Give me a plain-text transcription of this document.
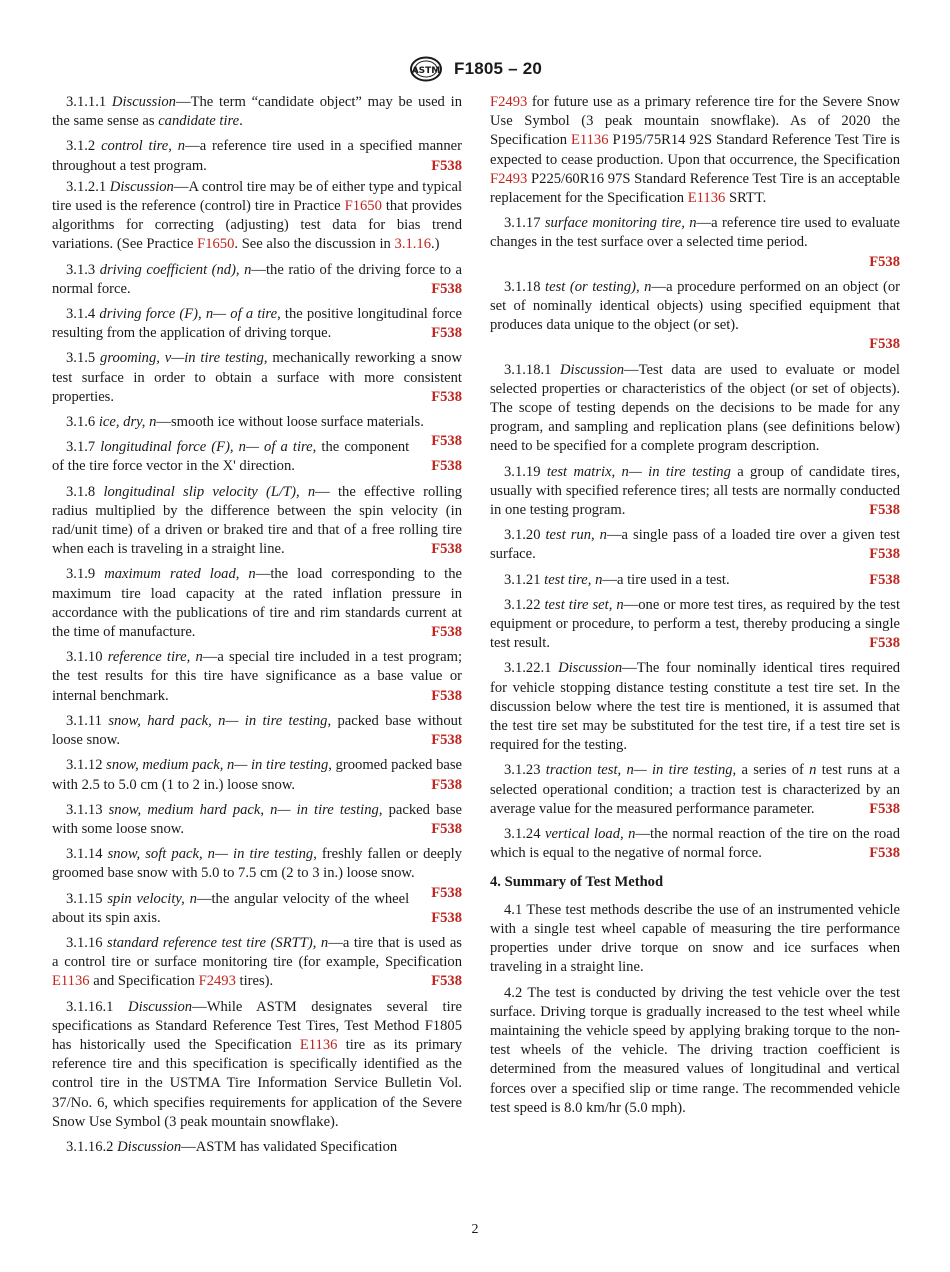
ASTM F1805 – 20

3.1.1.1 Discussion—The term “candidate object” may be used in the same sense as candidate tire.

3.1.2 control tire, n—a reference tire used in a specified manner throughout a test program.	F538

3.1.2.1 Discussion—A control tire may be of either type and typical tire used is the reference (control) tire in Practice F1650 that provides algorithms for correcting (adjusting) test data for bias trend variations. (See Practice F1650. See also the discussion in 3.1.16.)

3.1.3 driving coefficient (nd), n—the ratio of the driving force to a normal force.	F538

3.1.4 driving force (F), n— of a tire, the positive longitudinal force resulting from the application of driving torque.	F538

3.1.5 grooming, v—in tire testing, mechanically reworking a snow test surface in order to obtain a surface with more consistent properties.	F538

3.1.6 ice, dry, n—smooth ice without loose surface materials.
F538

3.1.7 longitudinal force (F), n— of a tire, the component of the tire force vector in the X' direction.	F538

3.1.8 longitudinal slip velocity (L/T), n— the effective rolling radius multiplied by the difference between the spin velocity (in rad/unit time) of a driven or braked tire and that of a free rolling tire when each is traveling in a straight line.	F538

3.1.9 maximum rated load, n—the load corresponding to the maximum tire load capacity at the rated inflation pressure in accordance with the publications of tire and rim standards current at the time of manufacture.	F538

3.1.10 reference tire, n—a special tire included in a test program; the test results for this tire have significance as a base value or internal benchmark.	F538

3.1.11 snow, hard pack, n— in tire testing, packed base without loose snow.	F538

3.1.12 snow, medium pack, n— in tire testing, groomed packed base with 2.5 to 5.0 cm (1 to 2 in.) loose snow.	F538

3.1.13 snow, medium hard pack, n— in tire testing, packed base with some loose snow.	F538

3.1.14 snow, soft pack, n— in tire testing, freshly fallen or deeply groomed base snow with 5.0 to 7.5 cm (2 to 3 in.) loose snow.
F538

3.1.15 spin velocity, n—the angular velocity of the wheel about its spin axis.	F538

3.1.16 standard reference test tire (SRTT), n—a tire that is used as a control tire or surface monitoring tire (for example, Specification E1136 and Specification F2493 tires).	F538

3.1.16.1 Discussion—While ASTM designates several tire specifications as Standard Reference Test Tires, Test Method F1805 has historically used the Specification E1136 tire as its primary reference tire and this specification is specifically identified as the control tire in the USTMA Tire Information Service Bulletin Vol. 37/No. 6, which specifies requirements for application of the Severe Snow Use Symbol (3 peak mountain snowflake).

3.1.16.2 Discussion—ASTM has validated Specification

F2493 for future use as a primary reference tire for the Severe Snow Use Symbol (3 peak mountain snowflake). As of 2020 the Specification E1136 P195/75R14 92S Standard Reference Test Tire is expected to cease production. Upon that occurrence, the Specification F2493 P225/60R16 97S Standard Reference Test Tire is an acceptable replacement for the Specification E1136 SRTT.

3.1.17 surface monitoring tire, n—a reference tire used to evaluate changes in the test surface over a selected time period.
F538

3.1.18 test (or testing), n—a procedure performed on an object (or set of nominally identical objects) using specified equipment that produces data unique to the object (or set).
F538

3.1.18.1 Discussion—Test data are used to evaluate or model selected properties or characteristics of the object (or set of objects). The scope of testing depends on the decisions to be made for any program, and sampling and replication plans (see definitions below) need to be specified for a complete program description.

3.1.19 test matrix, n— in tire testing a group of candidate tires, usually with specified reference tires; all tests are normally conducted in one testing program.	F538

3.1.20 test run, n—a single pass of a loaded tire over a given test surface.	F538

3.1.21 test tire, n—a tire used in a test.	F538

3.1.22 test tire set, n—one or more test tires, as required by the test equipment or procedure, to perform a test, thereby producing a single test result.	F538

3.1.22.1 Discussion—The four nominally identical tires required for vehicle stopping distance testing constitute a test tire set. In the discussion below where the test tire is mentioned, it is assumed that the test tire set may be substituted for the test tire, if a test tire set is required for the testing.

3.1.23 traction test, n— in tire testing, a series of n test runs at a selected operational condition; a traction test is characterized by an average value for the measured performance parameter.	F538

3.1.24 vertical load, n—the normal reaction of the tire on the road which is equal to the negative of normal force.	F538

4. Summary of Test Method

4.1 These test methods describe the use of an instrumented vehicle with a single test wheel capable of measuring the tire performance properties under drive torque on snow and ice surfaces when traveling in a straight line.

4.2 The test is conducted by driving the test vehicle over the test surface. Driving torque is gradually increased to the test wheel while maintaining the vehicle speed by applying braking torque to the non-test wheels of the vehicle. The driving traction coefficient is determined from the measured values of longitudinal and vertical forces over a specified slip or time range. The recommended vehicle test speed is 8.0 km/hr (5.0 mph).

2
